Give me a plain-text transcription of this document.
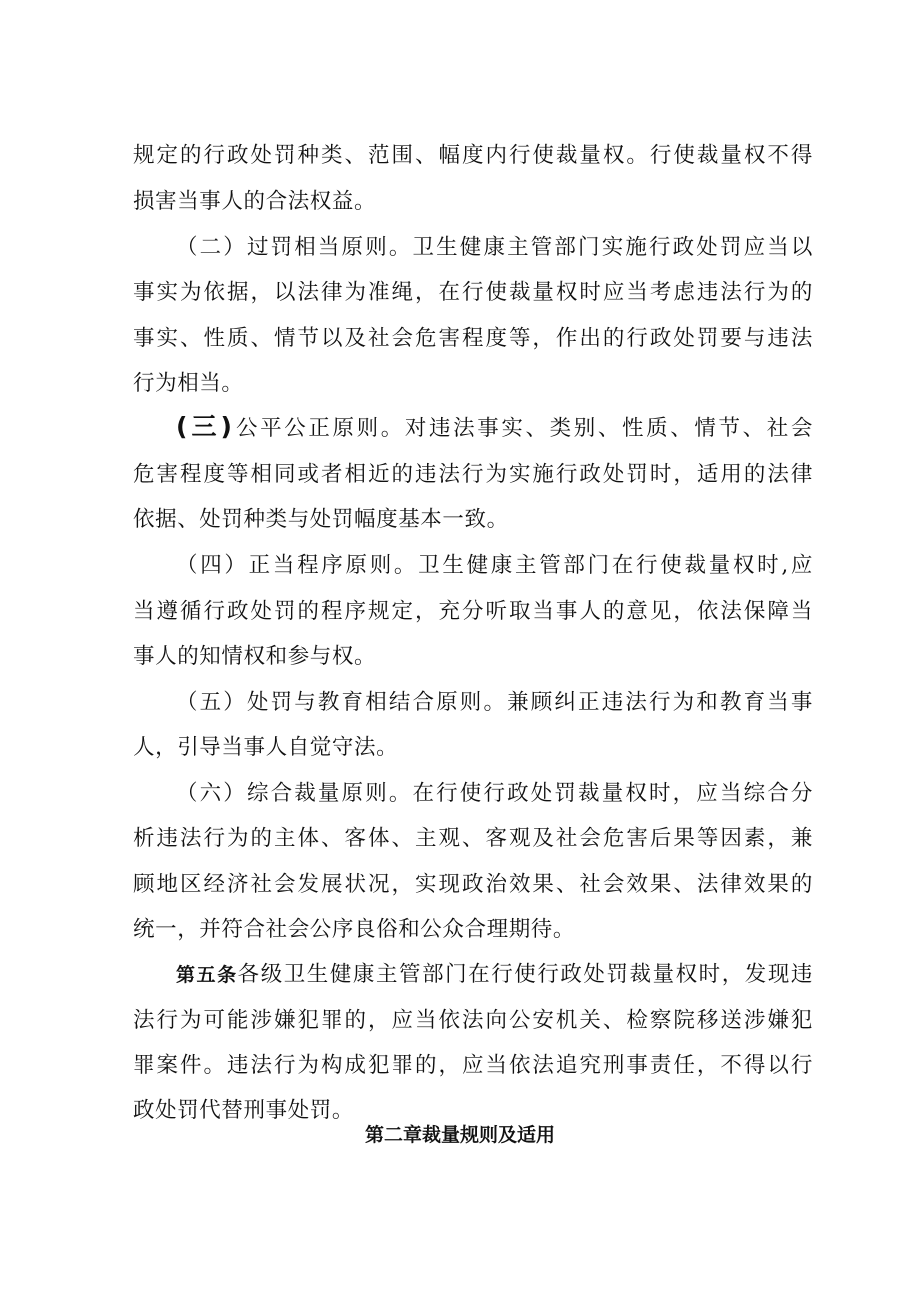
规定的行政处罚种类、范围、幅度内行使裁量权。行使裁量权不得
损害当事人的合法权益。
（二）过罚相当原则。卫生健康主管部门实施行政处罚应当以
事实为依据，以法律为准绳，在行使裁量权时应当考虑违法行为的
事实、性质、情节以及社会危害程度等，作出的行政处罚要与违法
行为相当。
(三)公平公正原则。对违法事实、类别、性质、情节、社会
危害程度等相同或者相近的违法行为实施行政处罚时，适用的法律
依据、处罚种类与处罚幅度基本一致。
（四）正当程序原则。卫生健康主管部门在行使裁量权时,应
当遵循行政处罚的程序规定，充分听取当事人的意见，依法保障当
事人的知情权和参与权。
（五）处罚与教育相结合原则。兼顾纠正违法行为和教育当事
人，引导当事人自觉守法。
（六）综合裁量原则。在行使行政处罚裁量权时，应当综合分
析违法行为的主体、客体、主观、客观及社会危害后果等因素，兼
顾地区经济社会发展状况，实现政治效果、社会效果、法律效果的
统一，并符合社会公序良俗和公众合理期待。
第五条各级卫生健康主管部门在行使行政处罚裁量权时，发现违
法行为可能涉嫌犯罪的，应当依法向公安机关、检察院移送涉嫌犯
罪案件。违法行为构成犯罪的，应当依法追究刑事责任，不得以行
政处罚代替刑事处罚。
第二章裁量规则及适用
